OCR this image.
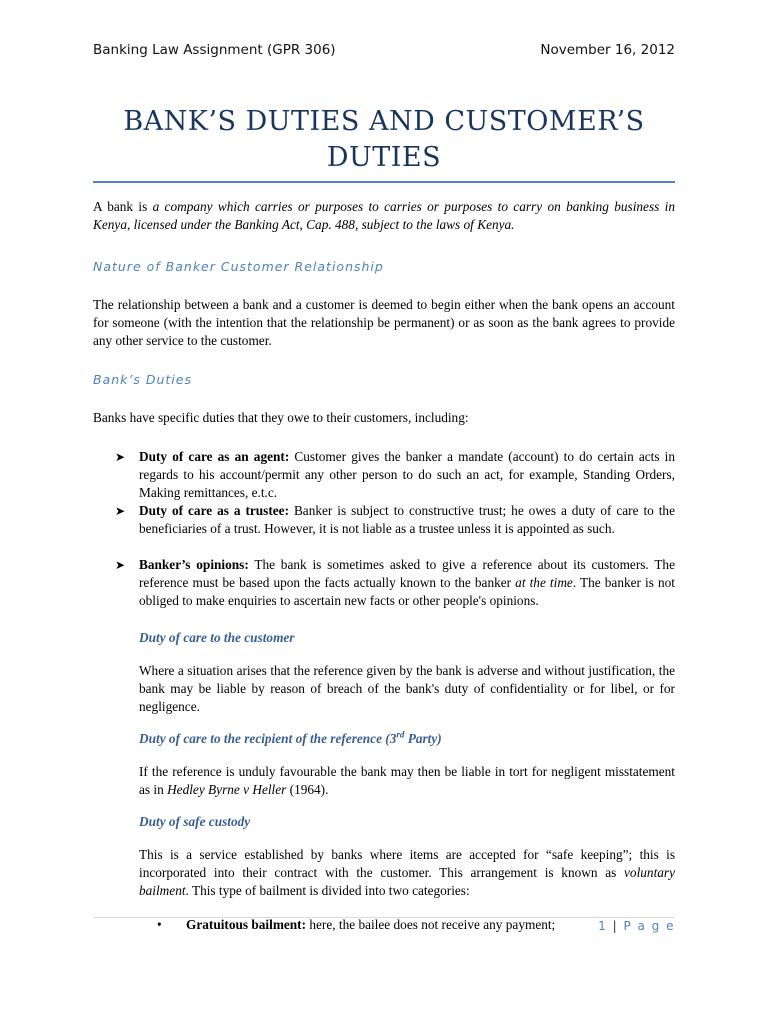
Banking Law Assignment (GPR 306)	November 16, 2012
BANK’S DUTIES AND CUSTOMER’S
DUTIES

A bank is a company which carries or purposes to carries or purposes to carry on banking business in Kenya, licensed under the Banking Act, Cap. 488, subject to the laws of Kenya.

Nature of Banker Customer Relationship

The relationship between a bank and a customer is deemed to begin either when the bank opens an account for someone (with the intention that the relationship be permanent) or as soon as the bank agrees to provide any other service to the customer.

Bank’s Duties

Banks have specific duties that they owe to their customers, including:

➤ Duty of care as an agent: Customer gives the banker a mandate (account) to do certain acts in regards to his account/permit any other person to do such an act, for example, Standing Orders, Making remittances, e.t.c.
➤ Duty of care as a trustee: Banker is subject to constructive trust; he owes a duty of care to the beneficiaries of a trust. However, it is not liable as a trustee unless it is appointed as such.
➤ Banker’s opinions: The bank is sometimes asked to give a reference about its customers. The reference must be based upon the facts actually known to the banker at the time. The banker is not obliged to make enquiries to ascertain new facts or other people's opinions.
Duty of care to the customer

Where a situation arises that the reference given by the bank is adverse and without justification, the bank may be liable by reason of breach of the bank's duty of confidentiality or for libel, or for negligence.

Duty of care to the recipient of the reference (3rd Party)

If the reference is unduly favourable the bank may then be liable in tort for negligent misstatement as in Hedley Byrne v Heller (1964).

Duty of safe custody

This is a service established by banks where items are accepted for “safe keeping”; this is incorporated into their contract with the customer. This arrangement is known as voluntary bailment. This type of bailment is divided into two categories:

• Gratuitous bailment: here, the bailee does not receive any payment;	1 | P a g e
